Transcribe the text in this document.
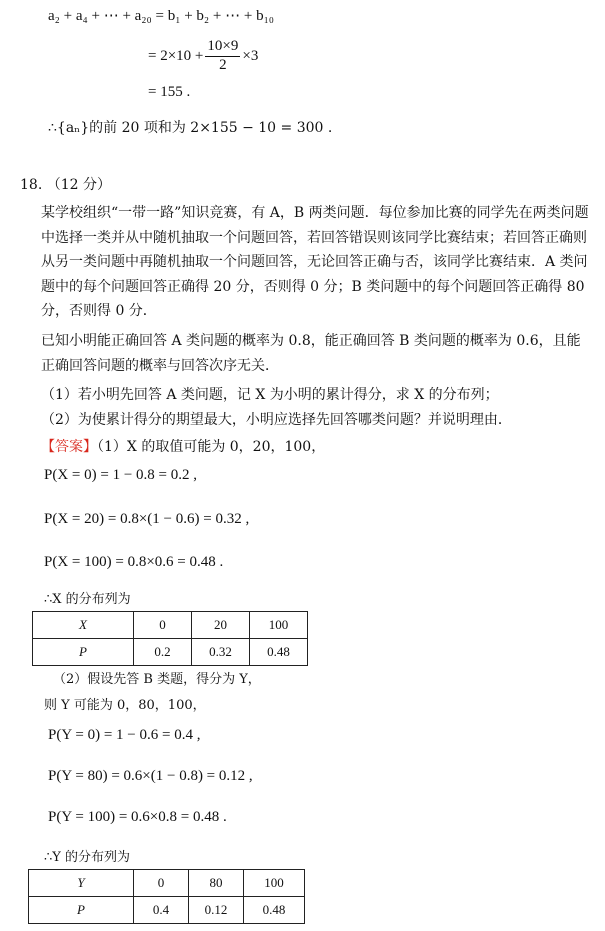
a₂ + a₄ + ⋯ + a₂₀ = b₁ + b₂ + ⋯ + b₁₀
= $2\times 10 + \frac{10\times 9}{2} \times 3$
= 155 .
∴{aₙ}的前 20 项和为 2×155 − 10 = 300 .
18. （12 分）
某学校组织“一带一路”知识竞赛，有 A，B 两类问题．每位参加比赛的同学先在两类问题中选择一类并从中随机抽取一个问题回答，若回答错误则该同学比赛结束；若回答正确则从另一类问题中再随机抽取一个问题回答，无论回答正确与否，该同学比赛结束．A 类问题中的每个问题回答正确得 20 分，否则得 0 分；B 类问题中的每个问题回答正确得 80 分，否则得 0 分．
已知小明能正确回答 A 类问题的概率为 0.8，能正确回答 B 类问题的概率为 0.6，且能正确回答问题的概率与回答次序无关．
（1）若小明先回答 A 类问题，记 X 为小明的累计得分，求 X 的分布列；
（2）为使累计得分的期望最大，小明应选择先回答哪类问题？并说明理由．
【答案】（1）X 的取值可能为 0，20，100，
P(X = 0) = 1 − 0.8 = 0.2 ,
P(X = 20) = 0.8×(1 − 0.6) = 0.32 ,
P(X = 100) = 0.8×0.6 = 0.48 .
∴X 的分布列为
X	0	20	100
P	0.2	0.32	0.48
（2）假设先答 B 类题，得分为 Y，
则 Y 可能为 0，80，100，
P(Y = 0) = 1 − 0.6 = 0.4 ,
P(Y = 80) = 0.6×(1 − 0.8) = 0.12 ,
P(Y = 100) = 0.6×0.8 = 0.48 .
∴Y 的分布列为
Y	0	80	100
P	0.4	0.12	0.48
